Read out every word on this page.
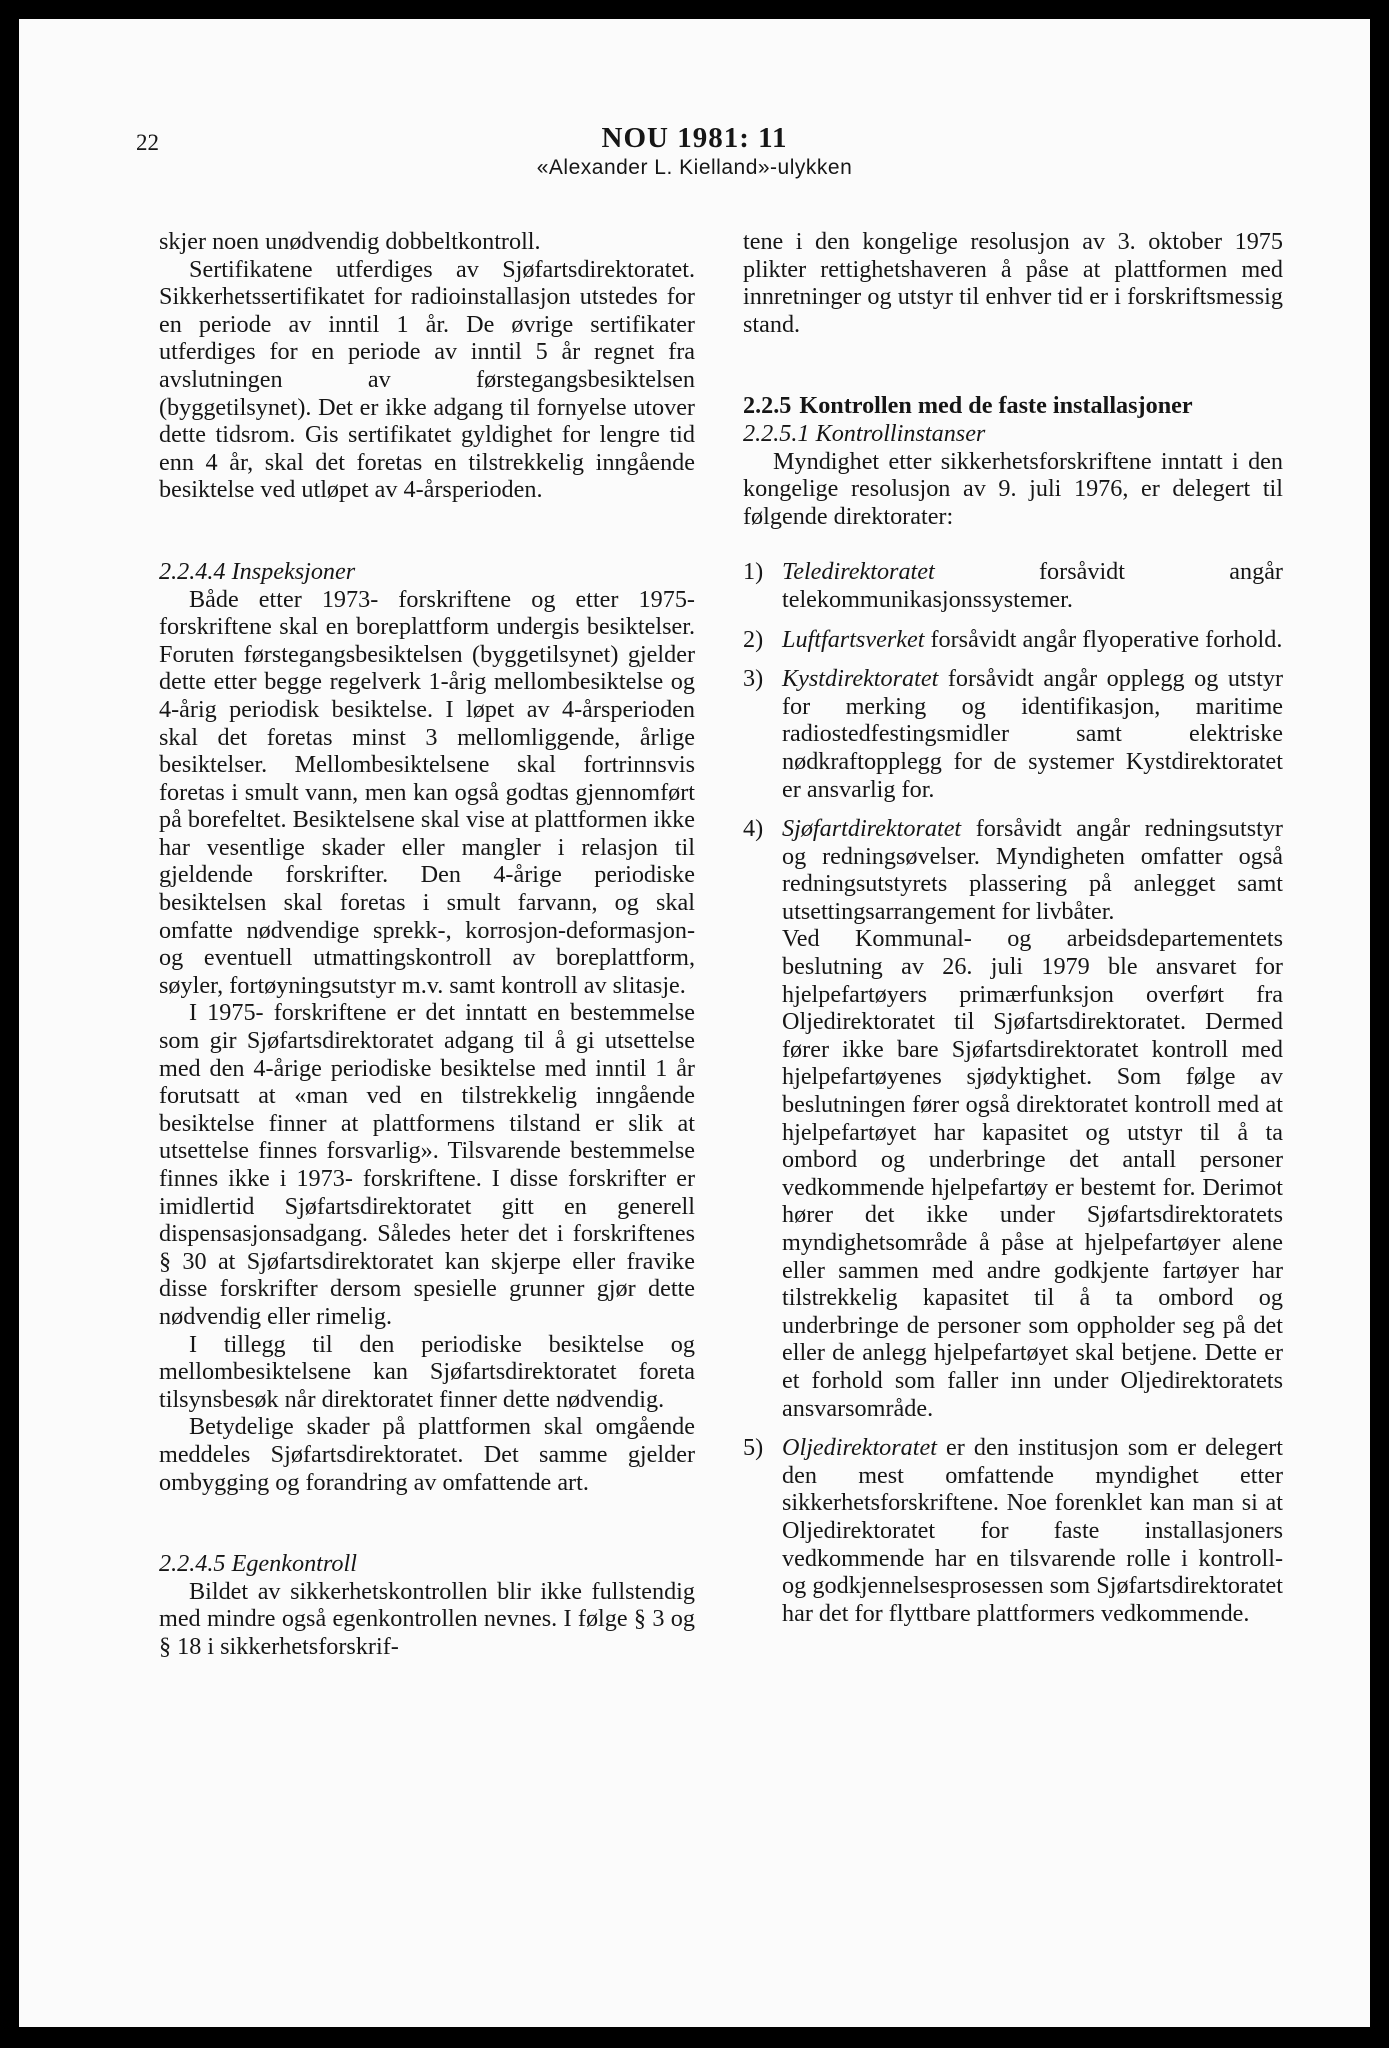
22	NOU 1981: 11
«Alexander L. Kielland»-ulykken

skjer noen unødvendig dobbeltkontroll.

Sertifikatene utferdiges av Sjøfartsdirektoratet. Sikkerhetssertifikatet for radioinstallasjon utstedes for en periode av inntil 1 år. De øvrige sertifikater utferdiges for en periode av inntil 5 år regnet fra avslutningen av førstegangsbesiktelsen (byggetilsynet). Det er ikke adgang til fornyelse utover dette tidsrom. Gis sertifikatet gyldighet for lengre tid enn 4 år, skal det foretas en tilstrekkelig inngående besiktelse ved utløpet av 4-årsperioden.

2.2.4.4 Inspeksjoner

Både etter 1973- forskriftene og etter 1975-forskriftene skal en boreplattform undergis besiktelser. Foruten førstegangsbesiktelsen (byggetilsynet) gjelder dette etter begge regelverk 1-årig mellombesiktelse og 4-årig periodisk besiktelse. I løpet av 4-årsperioden skal det foretas minst 3 mellomliggende, årlige besiktelser. Mellombesiktelsene skal fortrinnsvis foretas i smult vann, men kan også godtas gjennomført på borefeltet. Besiktelsene skal vise at plattformen ikke har vesentlige skader eller mangler i relasjon til gjeldende forskrifter. Den 4-årige periodiske besiktelsen skal foretas i smult farvann, og skal omfatte nødvendige sprekk-, korrosjon-deformasjon- og eventuell utmattingskontroll av boreplattform, søyler, fortøyningsutstyr m.v. samt kontroll av slitasje.

I 1975- forskriftene er det inntatt en bestemmelse som gir Sjøfartsdirektoratet adgang til å gi utsettelse med den 4-årige periodiske besiktelse med inntil 1 år forutsatt at «man ved en tilstrekkelig inngående besiktelse finner at plattformens tilstand er slik at utsettelse finnes forsvarlig». Tilsvarende bestemmelse finnes ikke i 1973- forskriftene. I disse forskrifter er imidlertid Sjøfartsdirektoratet gitt en generell dispensasjonsadgang. Således heter det i forskriftenes § 30 at Sjøfartsdirektoratet kan skjerpe eller fravike disse forskrifter dersom spesielle grunner gjør dette nødvendig eller rimelig.

I tillegg til den periodiske besiktelse og mellombesiktelsene kan Sjøfartsdirektoratet foreta tilsynsbesøk når direktoratet finner dette nødvendig.

Betydelige skader på plattformen skal omgående meddeles Sjøfartsdirektoratet. Det samme gjelder ombygging og forandring av omfattende art.

2.2.4.5 Egenkontroll

Bildet av sikkerhetskontrollen blir ikke fullstendig med mindre også egenkontrollen nevnes. I følge § 3 og § 18 i sikkerhetsforskrif-

tene i den kongelige resolusjon av 3. oktober 1975 plikter rettighetshaveren å påse at plattformen med innretninger og utstyr til enhver tid er i forskriftsmessig stand.

2.2.5 Kontrollen med de faste installasjoner

2.2.5.1 Kontrollinstanser

Myndighet etter sikkerhetsforskriftene inntatt i den kongelige resolusjon av 9. juli 1976, er delegert til følgende direktorater:

1) Teledirektoratet forsåvidt angår telekommunikasjonssystemer.

2) Luftfartsverket forsåvidt angår flyoperative forhold.

3) Kystdirektoratet forsåvidt angår opplegg og utstyr for merking og identifikasjon, maritime radiostedfestingsmidler samt elektriske nødkraftopplegg for de systemer Kystdirektoratet er ansvarlig for.

4) Sjøfartdirektoratet forsåvidt angår redningsutstyr og redningsøvelser. Myndigheten omfatter også redningsutstyrets plassering på anlegget samt utsettingsarrangement for livbåter.

Ved Kommunal- og arbeidsdepartementets beslutning av 26. juli 1979 ble ansvaret for hjelpefartøyers primærfunksjon overført fra Oljedirektoratet til Sjøfartsdirektoratet. Dermed fører ikke bare Sjøfartsdirektoratet kontroll med hjelpefartøyenes sjødyktighet. Som følge av beslutningen fører også direktoratet kontroll med at hjelpefartøyet har kapasitet og utstyr til å ta ombord og underbringe det antall personer vedkommende hjelpefartøy er bestemt for. Derimot hører det ikke under Sjøfartsdirektoratets myndighetsområde å påse at hjelpefartøyer alene eller sammen med andre godkjente fartøyer har tilstrekkelig kapasitet til å ta ombord og underbringe de personer som oppholder seg på det eller de anlegg hjelpefartøyet skal betjene. Dette er et forhold som faller inn under Oljedirektoratets ansvarsområde.

5) Oljedirektoratet er den institusjon som er delegert den mest omfattende myndighet etter sikkerhetsforskriftene. Noe forenklet kan man si at Oljedirektoratet for faste installasjoners vedkommende har en tilsvarende rolle i kontroll- og godkjennelsesprosessen som Sjøfartsdirektoratet har det for flyttbare plattformers vedkommende.
